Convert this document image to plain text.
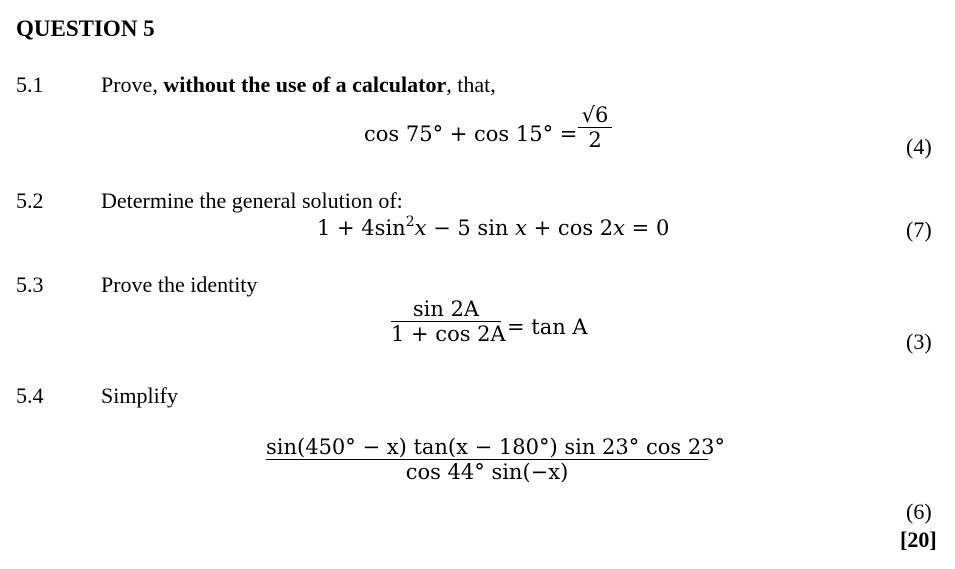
QUESTION 5
5.1	Prove, without the use of a calculator, that,
cos 75° + cos 15° =
√6
2	(4)
5.2	Determine the general solution of:
$1 + 4\sin^2x - 5$ sin x + cos 2x = 0	(7)
5.3	Prove the identity
sin 2A
1 + cos 2A = tan A
(3)
5.4	Simplify
sin(450° − x) tan(x − 180°) sin 23° cos 23°
cos 44° sin(−x)
(6)
[20]
